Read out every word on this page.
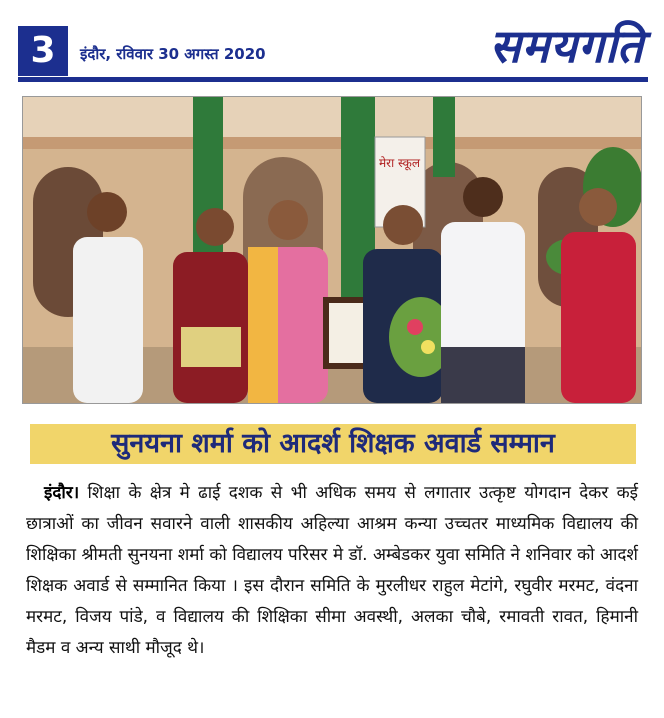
3	इंदौर, रविवार 30 अगस्त 2020	समयगति
मेरा स्कूल
सुनयना शर्मा को आदर्श शिक्षक अवार्ड सम्मान
इंदौर। शिक्षा के क्षेत्र मे ढाई दशक से भी अधिक समय से लगातार उत्कृष्ट योगदान देकर कई छात्राओं का जीवन सवारने वाली शासकीय अहिल्या आश्रम कन्या उच्चतर माध्यमिक विद्यालय की शिक्षिका श्रीमती सुनयना शर्मा को विद्यालय परिसर मे डॉ. अम्बेडकर युवा समिति ने शनिवार को आदर्श शिक्षक अवार्ड से सम्मानित किया । इस दौरान समिति के मुरलीधर राहुल मेटांगे, रघुवीर मरमट, वंदना मरमट, विजय पांडे, व विद्यालय की शिक्षिका सीमा अवस्थी, अलका चौबे, रमावती रावत, हिमानी मैडम व अन्य साथी मौजूद थे।
